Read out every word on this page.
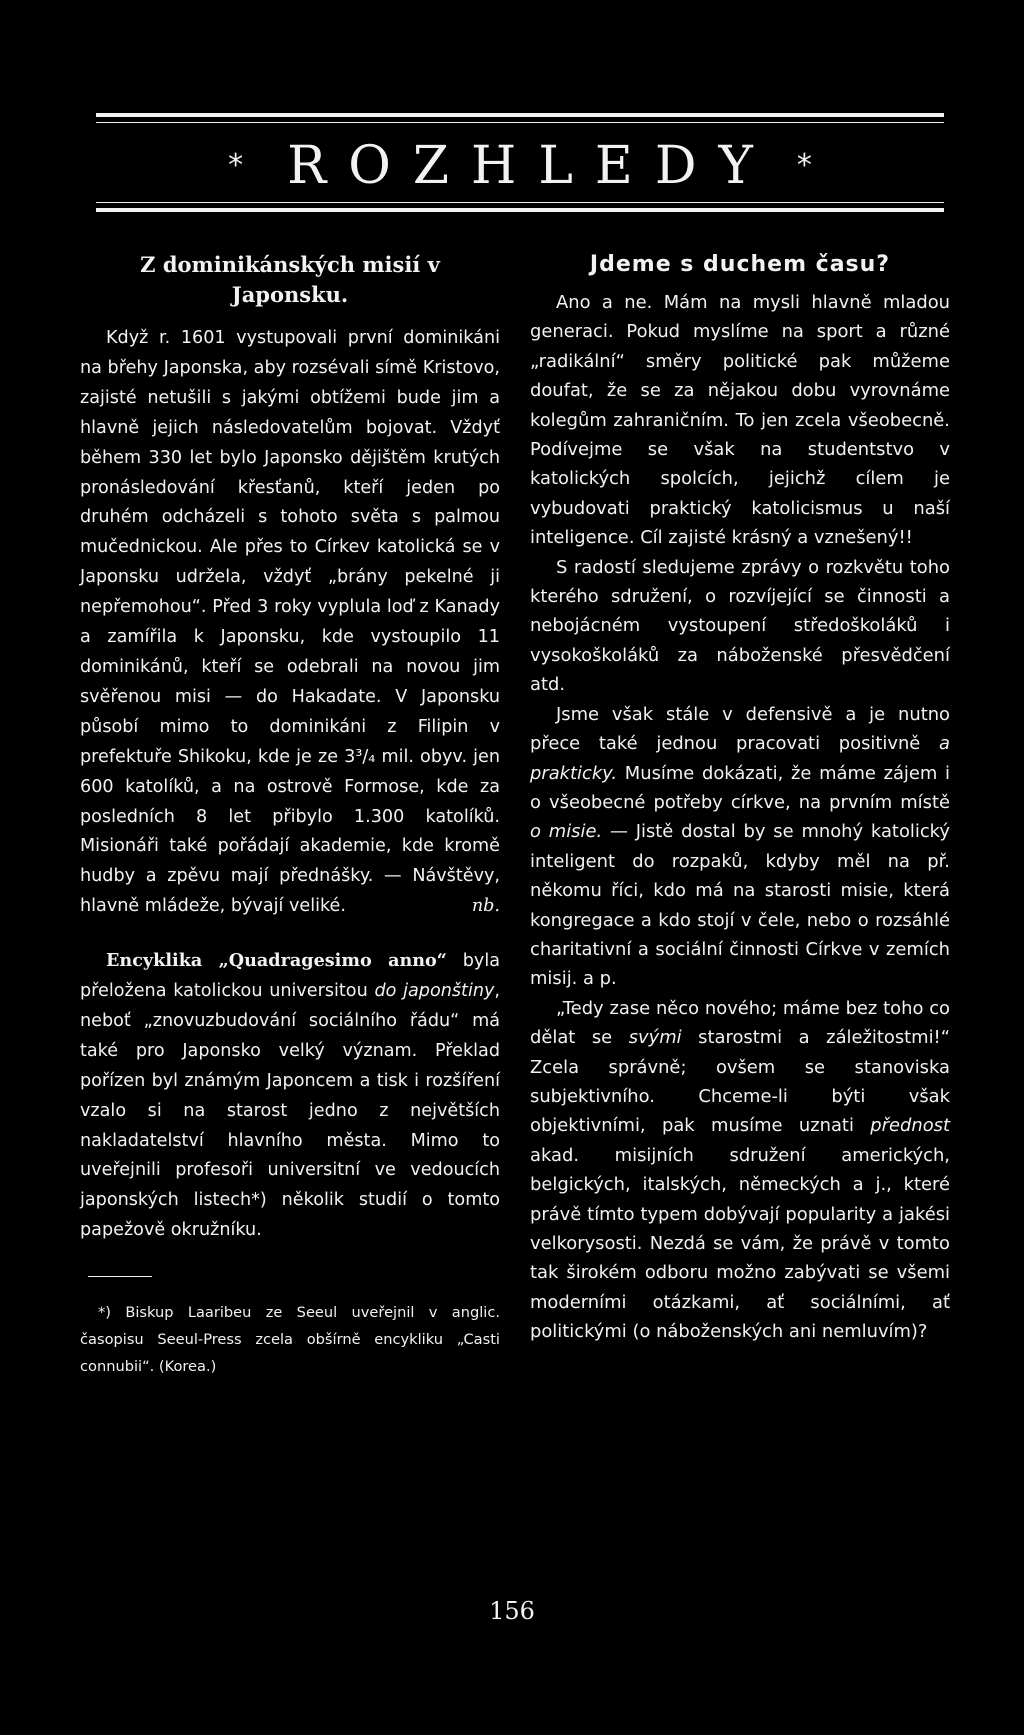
* ROZHLEDY *
Z dominikánských misií v Japonsku.

Když r. 1601 vystupovali první dominikáni na břehy Japonska, aby rozsévali símě Kristovo, zajisté netušili s jakými obtížemi bude jim a hlavně jejich následovatelům bojovat. Vždyť během 330 let bylo Japonsko dějištěm krutých pronásledování křesťanů, kteří jeden po druhém odcházeli s tohoto světa s palmou mučednickou. Ale přes to Církev katolická se v Japonsku udržela, vždyť „brány pekelné ji nepřemohou“. Před 3 roky vyplula loď z Kanady a zamířila k Japonsku, kde vystoupilo 11 dominikánů, kteří se odebrali na novou jim svěřenou misi — do Hakadate. V Japonsku působí mimo to dominikáni z Filipin v prefektuře Shikoku, kde je ze 3³/₄ mil. obyv. jen 600 katolíků, a na ostrově Formose, kde za posledních 8 let přibylo 1.300 katolíků. Misionáři také pořádají akademie, kde kromě hudby a zpěvu mají přednášky. — Návštěvy, hlavně mládeže, bývají veliké.	nb.

Encyklika „Quadragesimo anno“ byla přeložena katolickou universitou do japonštiny, neboť „znovuzbudování sociálního řádu“ má také pro Japonsko velký význam. Překlad pořízen byl známým Japoncem a tisk i rozšíření vzalo si na starost jedno z největších nakladatelství hlavního města. Mimo to uveřejnili profesoři universitní ve vedoucích japonských listech*) několik studií o tomto papežově okružníku.

*) Biskup Laaribeu ze Seeul uveřejnil v anglic. časopisu Seeul-Press zcela obšírně encykliku „Casti connubii“. (Korea.)

Jdeme s duchem času?

Ano a ne. Mám na mysli hlavně mladou generaci. Pokud myslíme na sport a různé „radikální“ směry politické pak můžeme doufat, že se za nějakou dobu vyrovnáme kolegům zahraničním. To jen zcela všeobecně. Podívejme se však na studentstvo v katolických spolcích, jejichž cílem je vybudovati praktický katolicismus u naší inteligence. Cíl zajisté krásný a vznešený!!

S radostí sledujeme zprávy o rozkvětu toho kterého sdružení, o rozvíjející se činnosti a nebojácném vystoupení středoškoláků i vysokoškoláků za náboženské přesvědčení atd.

Jsme však stále v defensivě a je nutno přece také jednou pracovati positivně a prakticky. Musíme dokázati, že máme zájem i o všeobecné potřeby církve, na prvním místě o misie. — Jistě dostal by se mnohý katolický inteligent do rozpaků, kdyby měl na př. někomu říci, kdo má na starosti misie, která kongregace a kdo stojí v čele, nebo o rozsáhlé charitativní a sociální činnosti Církve v zemích misij. a p.

„Tedy zase něco nového; máme bez toho co dělat se svými starostmi a záležitostmi!“ Zcela správně; ovšem se stanoviska subjektivního. Chceme-li býti však objektivními, pak musíme uznati přednost akad. misijních sdružení amerických, belgických, italských, německých a j., které právě tímto typem dobývají popularity a jakési velkorysosti. Nezdá se vám, že právě v tomto tak širokém odboru možno zabývati se všemi moderními otázkami, ať sociálními, ať politickými (o náboženských ani nemluvím)?

156
